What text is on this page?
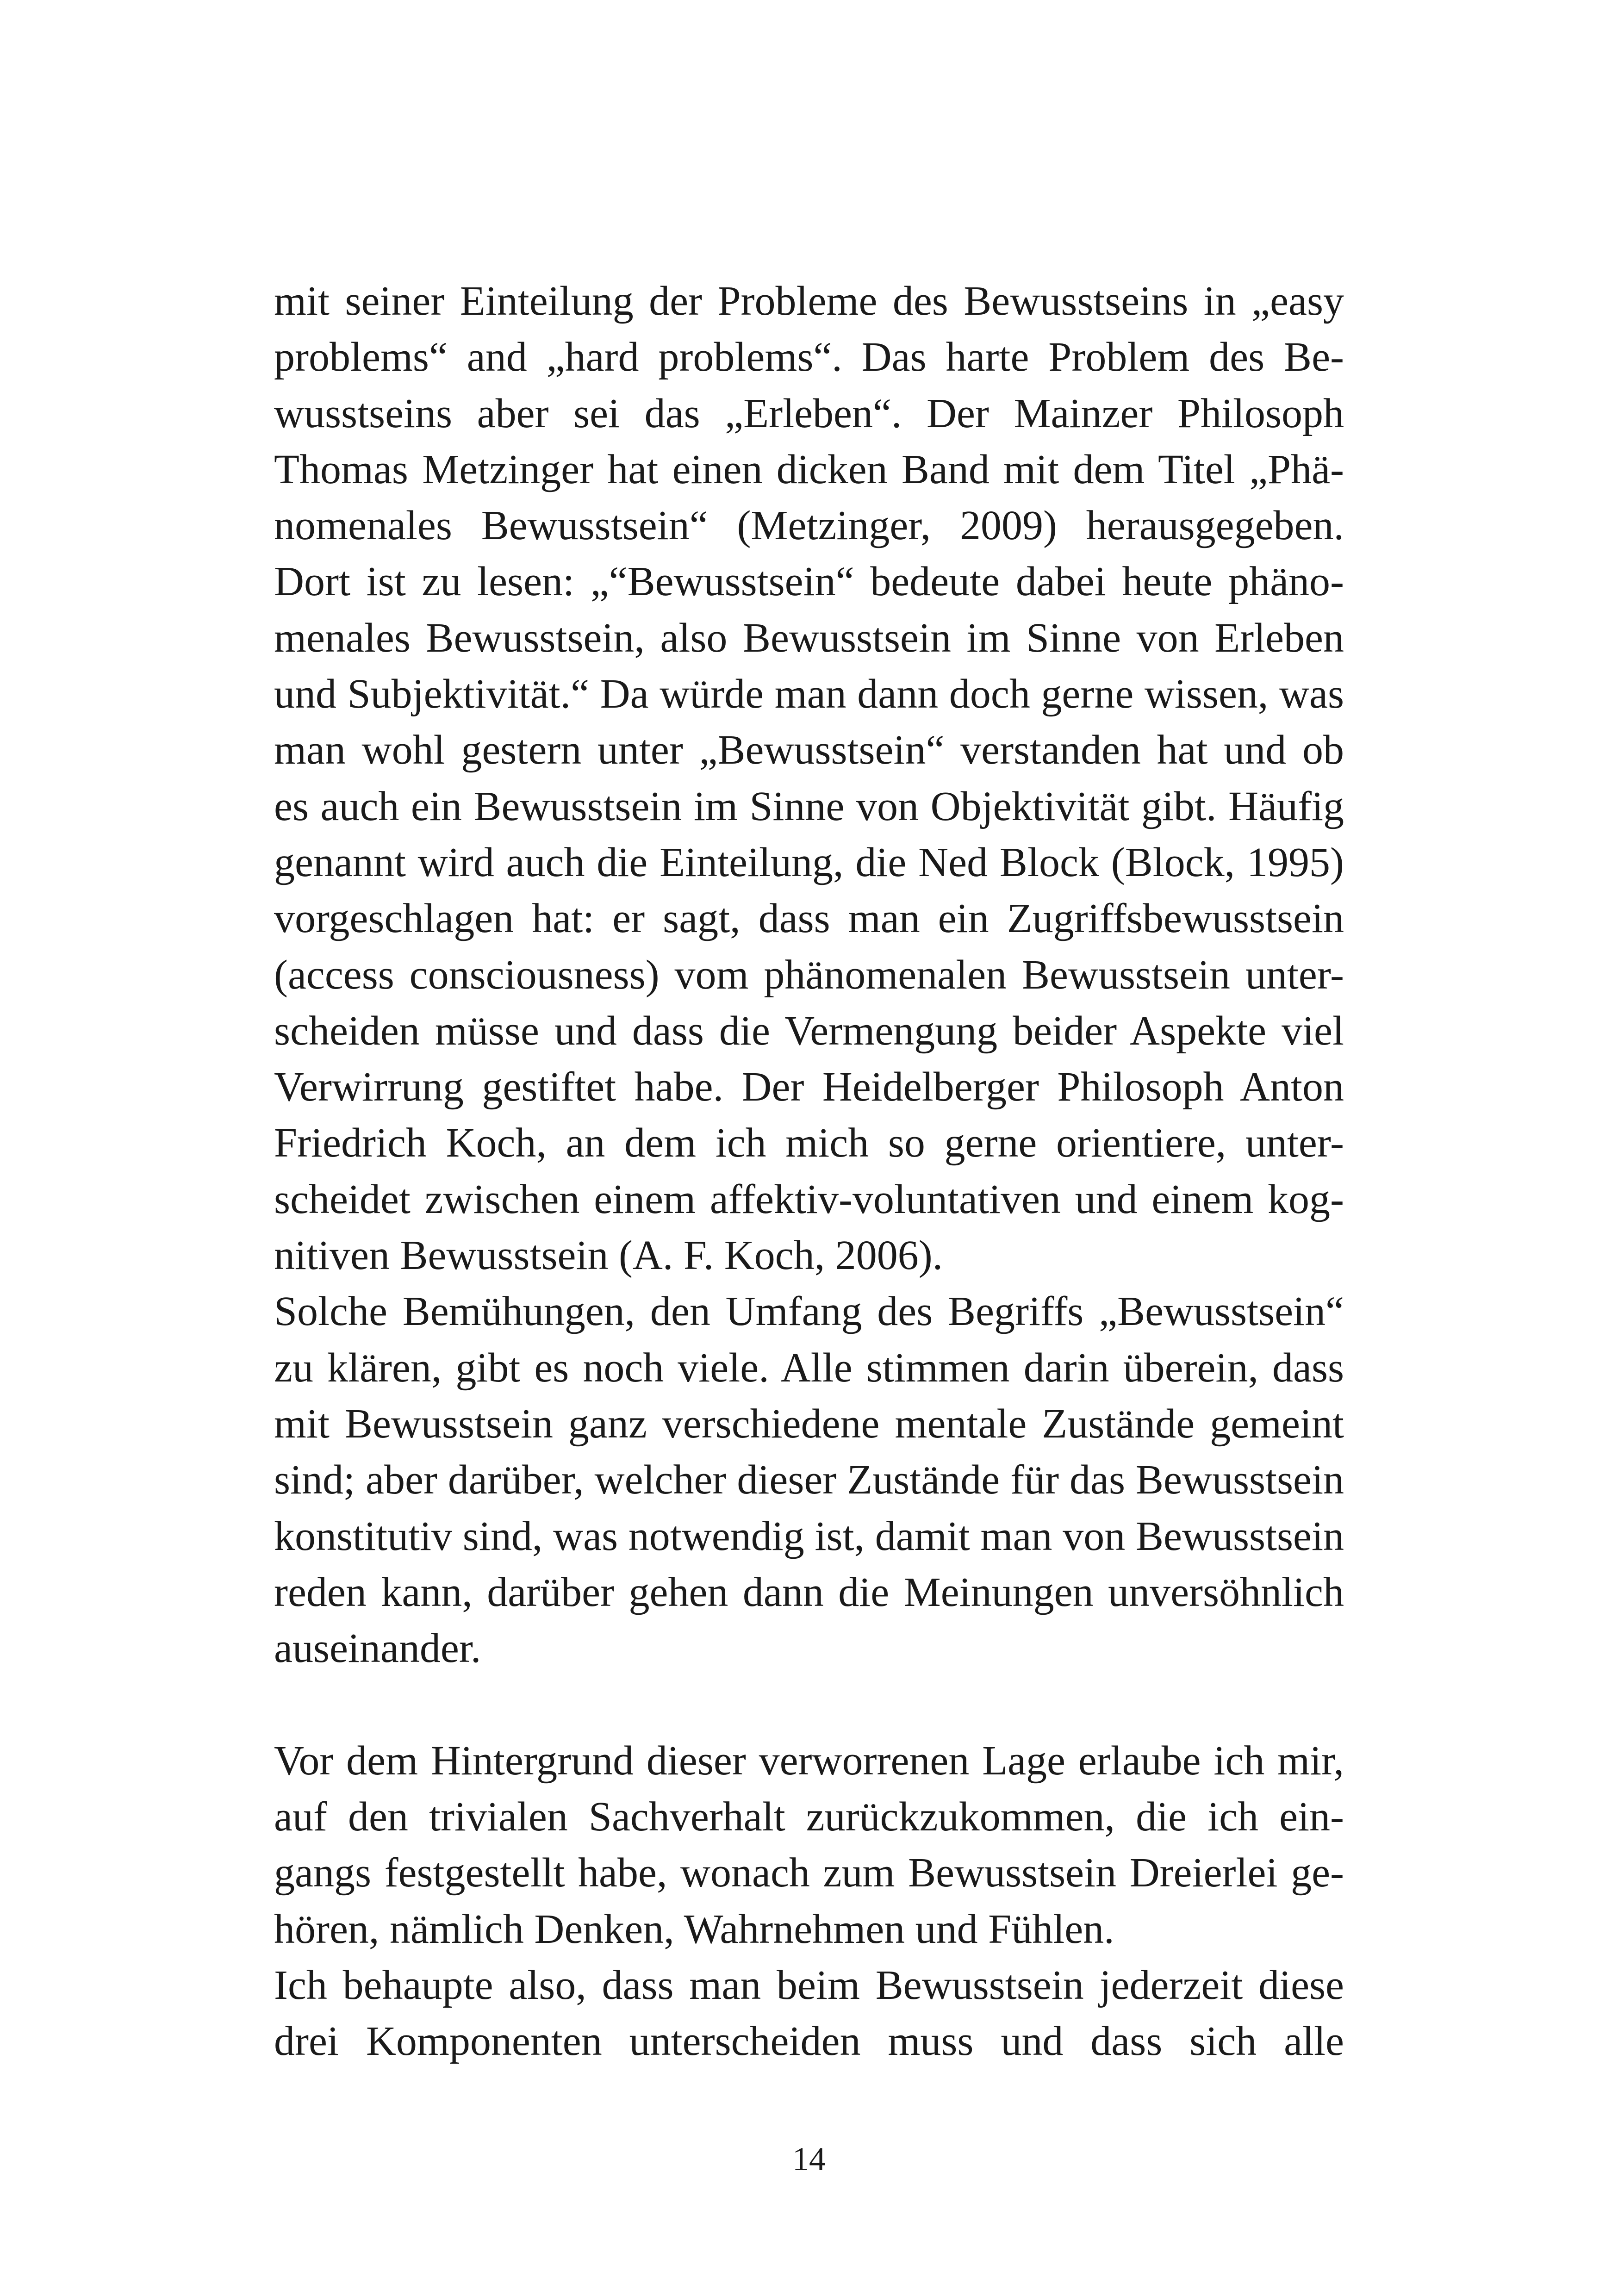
mit seiner Einteilung der Probleme des Bewusstseins in „easy
problems“ and „hard problems“. Das harte Problem des Be-
wusstseins aber sei das „Erleben“. Der Mainzer Philosoph
Thomas Metzinger hat einen dicken Band mit dem Titel „Phä-
nomenales Bewusstsein“ (Metzinger, 2009) herausgegeben.
Dort ist zu lesen: „“Bewusstsein“ bedeute dabei heute phäno-
menales Bewusstsein, also Bewusstsein im Sinne von Erleben
und Subjektivität.“ Da würde man dann doch gerne wissen, was
man wohl gestern unter „Bewusstsein“ verstanden hat und ob
es auch ein Bewusstsein im Sinne von Objektivität gibt. Häufig
genannt wird auch die Einteilung, die Ned Block (Block, 1995)
vorgeschlagen hat: er sagt, dass man ein Zugriffsbewusstsein
(access consciousness) vom phänomenalen Bewusstsein unter-
scheiden müsse und dass die Vermengung beider Aspekte viel
Verwirrung gestiftet habe. Der Heidelberger Philosoph Anton
Friedrich Koch, an dem ich mich so gerne orientiere, unter-
scheidet zwischen einem affektiv-voluntativen und einem kog-
nitiven Bewusstsein (A. F. Koch, 2006).
Solche Bemühungen, den Umfang des Begriffs „Bewusstsein“
zu klären, gibt es noch viele. Alle stimmen darin überein, dass
mit Bewusstsein ganz verschiedene mentale Zustände gemeint
sind; aber darüber, welcher dieser Zustände für das Bewusstsein
konstitutiv sind, was notwendig ist, damit man von Bewusstsein
reden kann, darüber gehen dann die Meinungen unversöhnlich
auseinander.
Vor dem Hintergrund dieser verworrenen Lage erlaube ich mir,
auf den trivialen Sachverhalt zurückzukommen, die ich ein-
gangs festgestellt habe, wonach zum Bewusstsein Dreierlei ge-
hören, nämlich Denken, Wahrnehmen und Fühlen.
Ich behaupte also, dass man beim Bewusstsein jederzeit diese
drei Komponenten unterscheiden muss und dass sich alle
14
